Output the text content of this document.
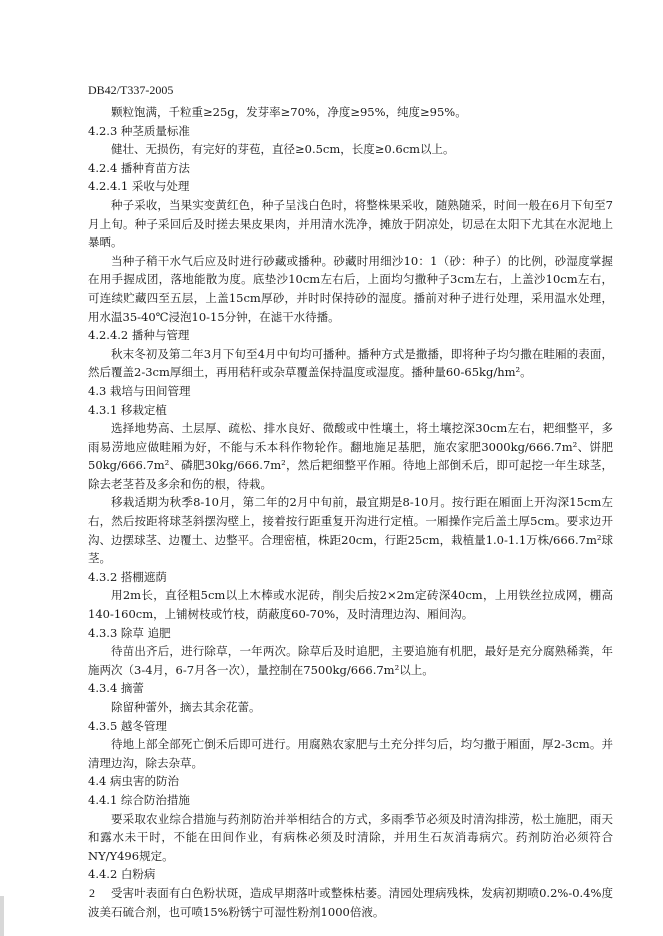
DB42/T337-2005

颗粒饱满，千粒重≥25g，发芽率≥70%，净度≥95%，纯度≥95%。

4.2.3 种茎质量标准

健壮、无损伤，有完好的芽苞，直径≥0.5cm，长度≥0.6cm以上。

4.2.4 播种育苗方法

4.2.4.1 采收与处理

种子采收，当果实变黄红色，种子呈浅白色时，将整株果采收，随熟随采，时间一般在6月下旬至7月上旬。种子采回后及时搓去果皮果肉，并用清水洗净，摊放于阴凉处，切忌在太阳下尤其在水泥地上暴晒。

当种子稍干水气后应及时进行砂藏或播种。砂藏时用细沙10：1（砂：种子）的比例，砂湿度掌握在用手握成团，落地能散为度。底垫沙10cm左右后，上面均匀撒种子3cm左右，上盖沙10cm左右，可连续贮藏四至五层，上盖15cm厚砂，并时时保持砂的湿度。播前对种子进行处理，采用温水处理，用水温35-40℃浸泡10-15分钟，在滤干水待播。

4.2.4.2 播种与管理

秋末冬初及第二年3月下旬至4月中旬均可播种。播种方式是撒播，即将种子均匀撒在畦厢的表面，然后覆盖2-3cm厚细土，再用秸秆或杂草覆盖保持温度或湿度。播种量60-65kg/hm²。

4.3 栽培与田间管理

4.3.1 移栽定植

选择地势高、土层厚、疏松、排水良好、微酸或中性壤土，将土壤挖深30cm左右，耙细整平，多雨易涝地应做畦厢为好，不能与禾本科作物轮作。翻地施足基肥，施农家肥3000kg/666.7m²、饼肥50kg/666.7m²、磷肥30kg/666.7m²，然后耙细整平作厢。待地上部倒禾后，即可起挖一年生球茎，除去老茎苔及多余和伤的根，待栽。

移栽适期为秋季8-10月，第二年的2月中旬前，最宜期是8-10月。按行距在厢面上开沟深15cm左右，然后按距将球茎斜摆沟壁上，接着按行距重复开沟进行定植。一厢操作完后盖土厚5cm。要求边开沟、边摆球茎、边覆土、边整平。合理密植，株距20cm，行距25cm，栽植量1.0-1.1万株/666.7m²球茎。

4.3.2 搭棚遮荫

用2m长，直径粗5cm以上木棒或水泥砖，削尖后按2×2m定砖深40cm，上用铁丝拉成网，棚高140-160cm，上铺树枝或竹枝，荫蔽度60-70%，及时清理边沟、厢间沟。

4.3.3 除草 追肥

待苗出齐后，进行除草，一年两次。除草后及时追肥，主要追施有机肥，最好是充分腐熟稀粪，年施两次（3-4月，6-7月各一次），量控制在7500kg/666.7m²以上。

4.3.4 摘蕾

除留种蕾外，摘去其余花蕾。

4.3.5 越冬管理

待地上部全部死亡倒禾后即可进行。用腐熟农家肥与土充分拌匀后，均匀撒于厢面，厚2-3cm。并清理边沟，除去杂草。

4.4 病虫害的防治

4.4.1 综合防治措施

要采取农业综合措施与药剂防治并举相结合的方式，多雨季节必须及时清沟排涝，松土施肥，雨天和露水未干时，不能在田间作业，有病株必须及时清除，并用生石灰消毒病穴。药剂防治必须符合NY/Y496规定。

4.4.2 白粉病

受害叶表面有白色粉状斑，造成早期落叶或整株枯萎。清园处理病残株，发病初期喷0.2%-0.4%度波美石硫合剂，也可喷15%粉锈宁可湿性粉剂1000倍液。

2
